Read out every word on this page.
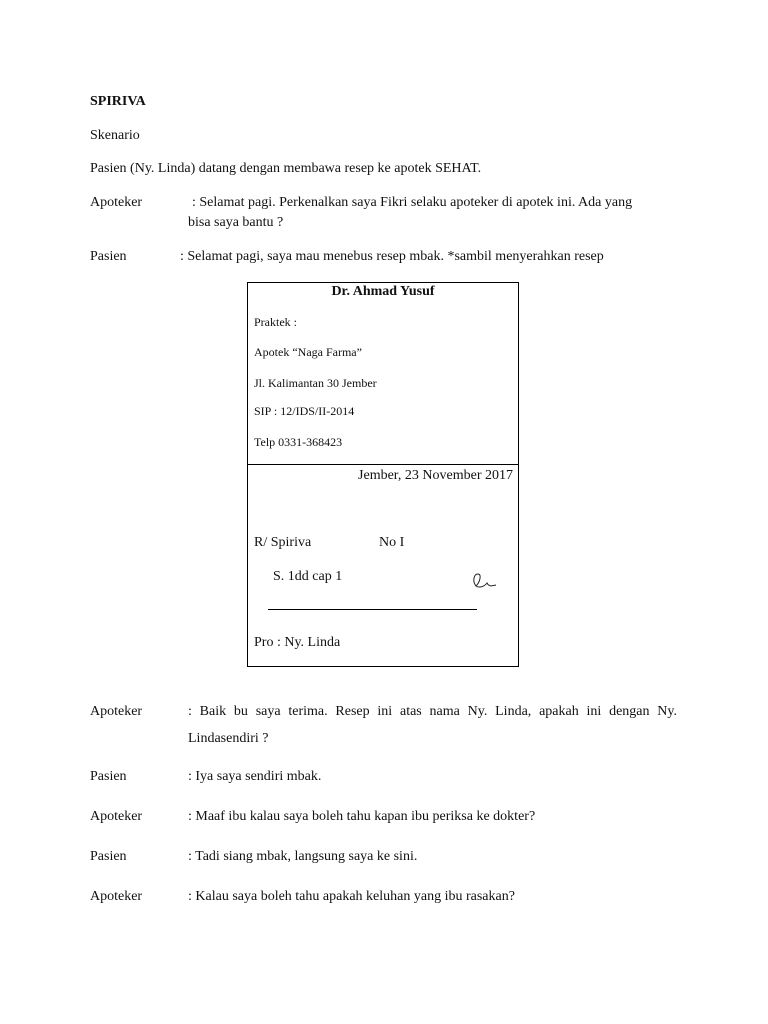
SPIRIVA
Skenario
Pasien (Ny. Linda) datang dengan membawa resep ke apotek SEHAT.
Apoteker	: Selamat pagi. Perkenalkan saya Fikri selaku apoteker di apotek ini. Ada yang
bisa saya bantu ?
Pasien	: Selamat pagi, saya mau menebus resep mbak. *sambil menyerahkan resep
Dr. Ahmad Yusuf
Praktek :
Apotek “Naga Farma”
Jl. Kalimantan 30 Jember
SIP : 12/IDS/II-2014
Telp 0331-368423
Jember, 23 November 2017
R/ Spiriva	No I
S. 1dd cap 1
Pro : Ny. Linda
Apoteker	: Baik bu saya terima. Resep ini atas nama Ny. Linda, apakah ini dengan Ny.
Lindasendiri ?
Pasien	: Iya saya sendiri mbak.
Apoteker	: Maaf ibu kalau saya boleh tahu kapan ibu periksa ke dokter?
Pasien	: Tadi siang mbak, langsung saya ke sini.
Apoteker	: Kalau saya boleh tahu apakah keluhan yang ibu rasakan?
